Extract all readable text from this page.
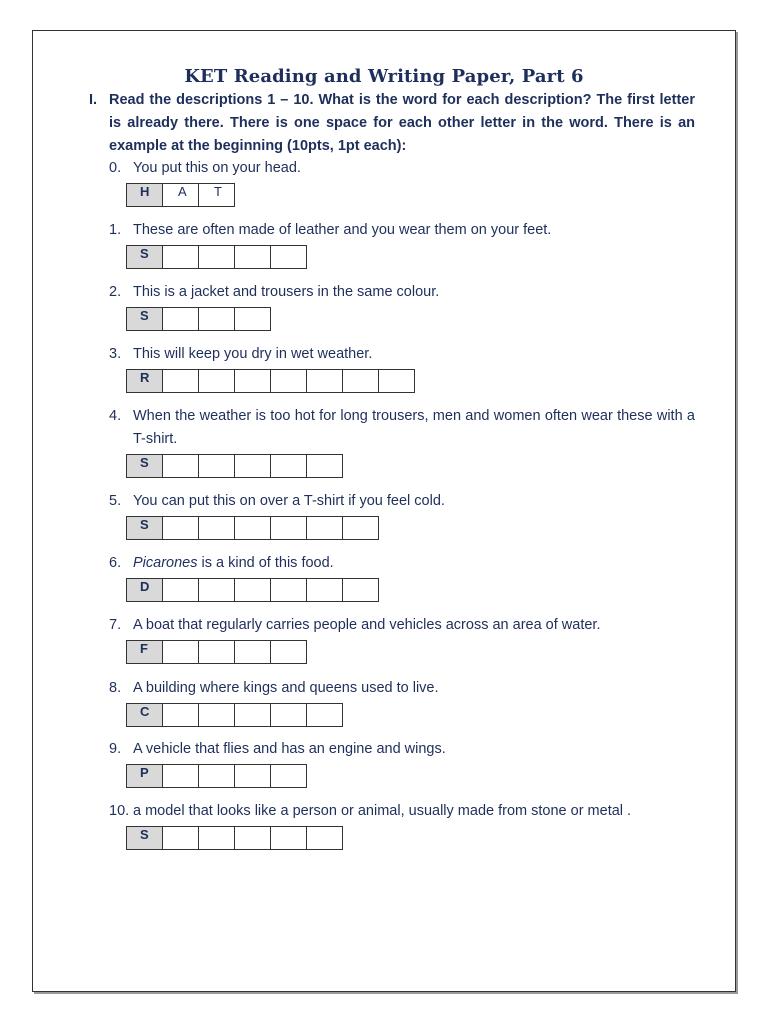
KET Reading and Writing Paper, Part 6
I. Read the descriptions 1 – 10. What is the word for each description? The first letter is already there. There is one space for each other letter in the word. There is an example at the beginning (10pts, 1pt each):
0. You put this on your head.
H	A	T
1. These are often made of leather and you wear them on your feet.
S
2. This is a jacket and trousers in the same colour.
S
3. This will keep you dry in wet weather.
R
4. When the weather is too hot for long trousers, men and women often wear these with a T-shirt.
S
5. You can put this on over a T-shirt if you feel cold.
S
6. Picarones is a kind of this food.
D
7. A boat that regularly carries people and vehicles across an area of water.
F
8. A building where kings and queens used to live.
C
9. A vehicle that flies and has an engine and wings.
P
10. a model that looks like a person or animal, usually made from stone or metal .
S
